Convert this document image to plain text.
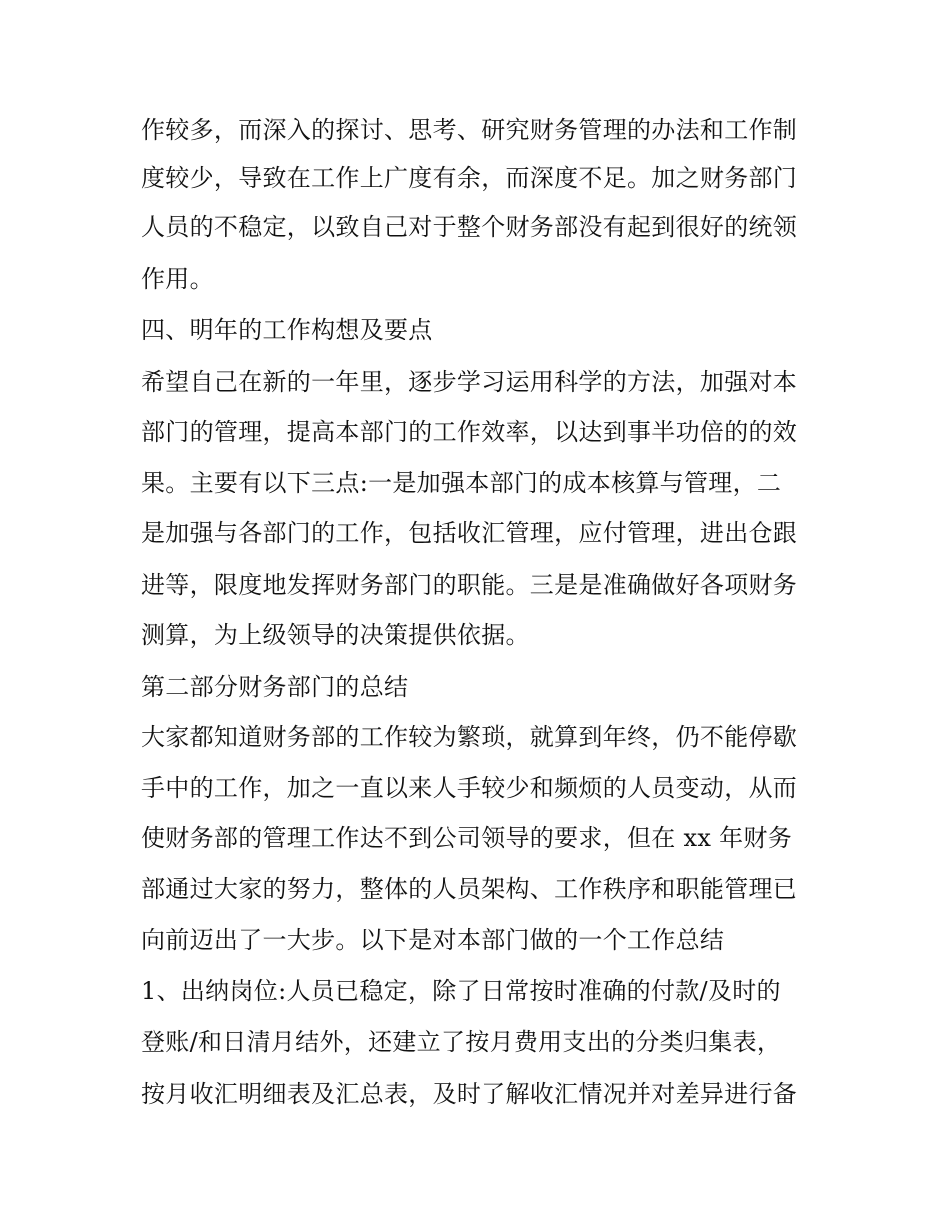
作较多，而深入的探讨、思考、研究财务管理的办法和工作制
度较少，导致在工作上广度有余，而深度不足。加之财务部门
人员的不稳定，以致自己对于整个财务部没有起到很好的统领
作用。
四、明年的工作构想及要点
希望自己在新的一年里，逐步学习运用科学的方法，加强对本
部门的管理，提高本部门的工作效率，以达到事半功倍的的效
果。主要有以下三点:一是加强本部门的成本核算与管理，二
是加强与各部门的工作，包括收汇管理，应付管理，进出仓跟
进等，限度地发挥财务部门的职能。三是是准确做好各项财务
测算，为上级领导的决策提供依据。
第二部分财务部门的总结
大家都知道财务部的工作较为繁琐，就算到年终，仍不能停歇
手中的工作，加之一直以来人手较少和频烦的人员变动，从而
使财务部的管理工作达不到公司领导的要求，但在 xx 年财务
部通过大家的努力，整体的人员架构、工作秩序和职能管理已
向前迈出了一大步。以下是对本部门做的一个工作总结
1、出纳岗位:人员已稳定，除了日常按时准确的付款/及时的
登账/和日清月结外，还建立了按月费用支出的分类归集表，
按月收汇明细表及汇总表，及时了解收汇情况并对差异进行备
